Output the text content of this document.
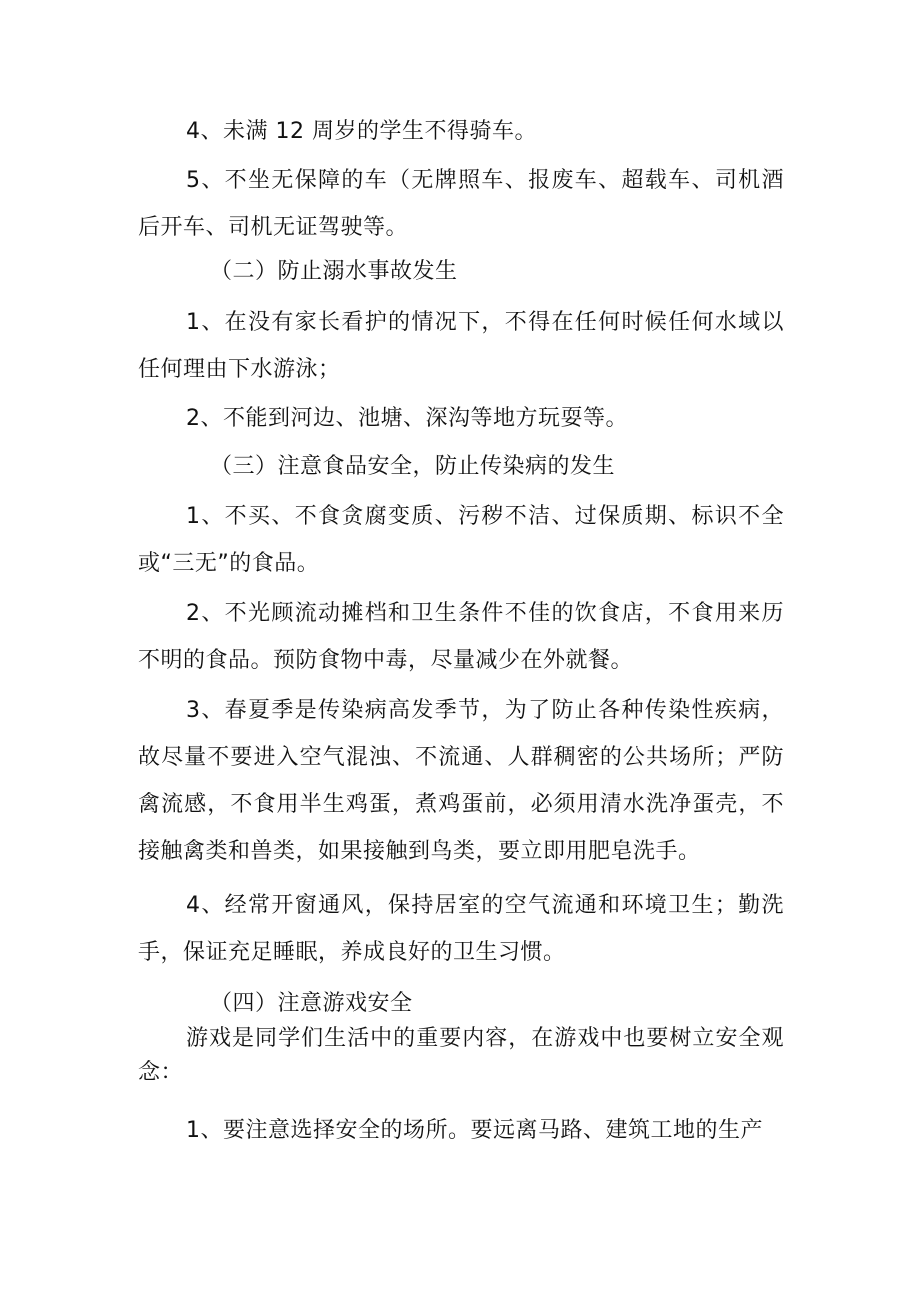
4、未满 12 周岁的学生不得骑车。

5、不坐无保障的车（无牌照车、报废车、超载车、司机酒后开车、司机无证驾驶等。

（二）防止溺水事故发生

1、在没有家长看护的情况下，不得在任何时候任何水域以任何理由下水游泳；

2、不能到河边、池塘、深沟等地方玩耍等。

（三）注意食品安全，防止传染病的发生

1、不买、不食贪腐变质、污秽不洁、过保质期、标识不全或“三无”的食品。

2、不光顾流动摊档和卫生条件不佳的饮食店，不食用来历不明的食品。预防食物中毒，尽量减少在外就餐。

3、春夏季是传染病高发季节，为了防止各种传染性疾病，故尽量不要进入空气混浊、不流通、人群稠密的公共场所；严防禽流感，不食用半生鸡蛋，煮鸡蛋前，必须用清水洗净蛋壳，不接触禽类和兽类，如果接触到鸟类，要立即用肥皂洗手。

4、经常开窗通风，保持居室的空气流通和环境卫生；勤洗手，保证充足睡眠，养成良好的卫生习惯。

（四）注意游戏安全

游戏是同学们生活中的重要内容，在游戏中也要树立安全观念：

1、要注意选择安全的场所。要远离马路、建筑工地的生产
